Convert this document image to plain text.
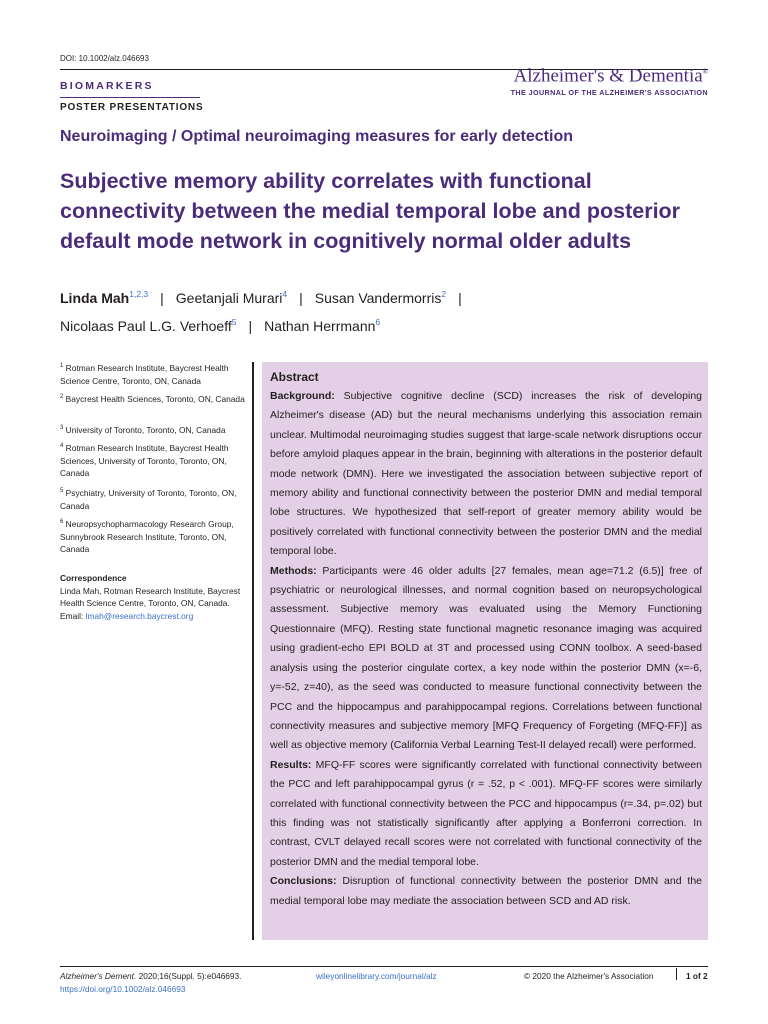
DOI: 10.1002/alz.046693
BIOMARKERS
POSTER PRESENTATIONS
Alzheimer's & Dementia®
THE JOURNAL OF THE ALZHEIMER'S ASSOCIATION
Neuroimaging / Optimal neuroimaging measures for early detection
Subjective memory ability correlates with functional connectivity between the medial temporal lobe and posterior default mode network in cognitively normal older adults
Linda Mah$^{1,2,3}$ | Geetanjali Murari$^4$ | Susan Vandermorris$^2$ |
Nicolaas Paul L.G. Verhoeff$^5$ | Nathan Herrmann$^6$
$^1$ Rotman Research Institute, Baycrest Health Science Centre, Toronto, ON, Canada
$^2$ Baycrest Health Sciences, Toronto, ON, Canada
$^3$ University of Toronto, Toronto, ON, Canada
$^4$ Rotman Research Institute, Baycrest Health Sciences, University of Toronto, Toronto, ON, Canada
$^5$ Psychiatry, University of Toronto, Toronto, ON, Canada
$^6$ Neuropsychopharmacology Research Group, Sunnybrook Research Institute, Toronto, ON, Canada
Correspondence
Linda Mah, Rotman Research Institute, Baycrest Health Science Centre, Toronto, ON, Canada.
Email: lmah@research.baycrest.org
Abstract
Background: Subjective cognitive decline (SCD) increases the risk of developing Alzheimer's disease (AD) but the neural mechanisms underlying this association remain unclear. Multimodal neuroimaging studies suggest that large-scale network disruptions occur before amyloid plaques appear in the brain, beginning with alterations in the posterior default mode network (DMN). Here we investigated the association between subjective report of memory ability and functional connectivity between the posterior DMN and medial temporal lobe structures. We hypothesized that self-report of greater memory ability would be positively correlated with functional connectivity between the posterior DMN and the medial temporal lobe.
Methods: Participants were 46 older adults [27 females, mean age=71.2 (6.5)] free of psychiatric or neurological illnesses, and normal cognition based on neuropsychological assessment. Subjective memory was evaluated using the Memory Functioning Questionnaire (MFQ). Resting state functional magnetic resonance imaging was acquired using gradient-echo EPI BOLD at 3T and processed using CONN toolbox. A seed-based analysis using the posterior cingulate cortex, a key node within the posterior DMN (x=-6, y=-52, z=40), as the seed was conducted to measure functional connectivity between the PCC and the hippocampus and parahippocampal regions. Correlations between functional connectivity measures and subjective memory [MFQ Frequency of Forgeting (MFQ-FF)] as well as objective memory (California Verbal Learning Test-II delayed recall) were performed.
Results: MFQ-FF scores were significantly correlated with functional connectivity between the PCC and left parahippocampal gyrus (r = .52, p < .001). MFQ-FF scores were similarly correlated with functional connectivity between the PCC and hippocampus (r=.34, p=.02) but this finding was not statistically significantly after applying a Bonferroni correction. In contrast, CVLT delayed recall scores were not correlated with functional connectivity of the posterior DMN and the medial temporal lobe.
Conclusions: Disruption of functional connectivity between the posterior DMN and the medial temporal lobe may mediate the association between SCD and AD risk.
Alzheimer's Dement. 2020;16(Suppl. 5):e046693.
https://doi.org/10.1002/alz.046693
wileyonlinelibrary.com/journal/alz	© 2020 the Alzheimer's Association	1 of 2
